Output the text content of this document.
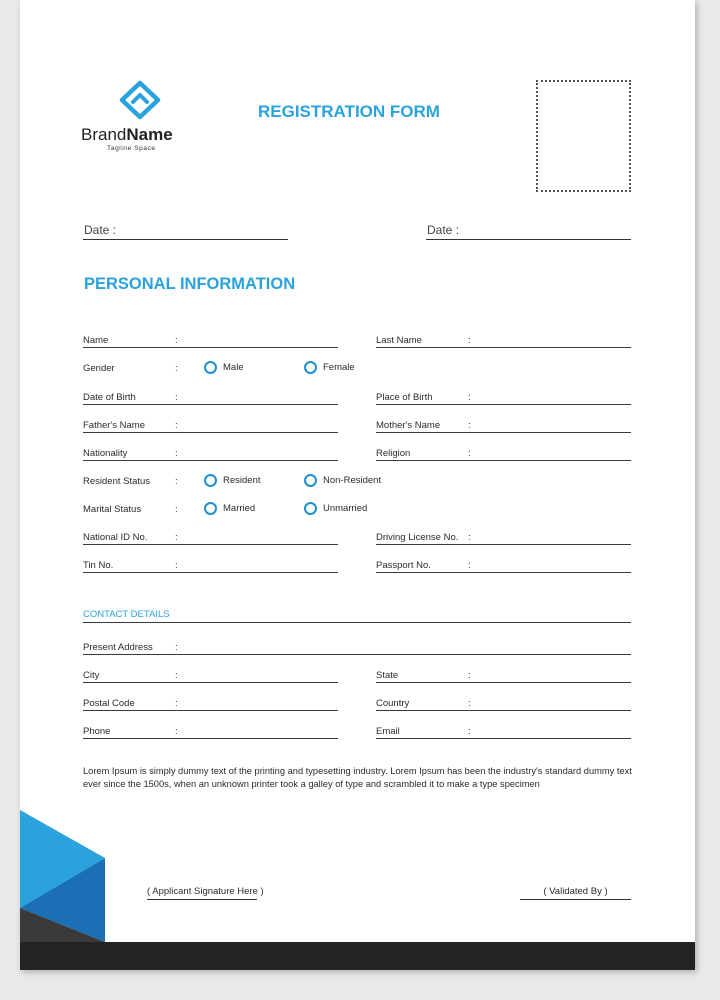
BrandName
Tagline Space
REGISTRATION FORM
Date :	Date :
PERSONAL INFORMATION
Name	:	Last Name	:
Gender	:	Male	Female
Date of Birth	:	Place of Birth	:
Father's Name	:	Mother's Name	:
Nationality	:	Religion	:
Resident Status	:	Resident	Non-Resident
Marital Status	:	Married	Unmarried
National ID No.	:	Driving License No. :
Tin No.	:	Passport No.	:
CONTACT DETAILS
Present Address :
City	:	State	:
Postal Code	:	Country	:
Phone	:	Email	:
Lorem Ipsum is simply dummy text of the printing and typesetting industry. Lorem Ipsum has been the industry's standard dummy text ever since the 1500s, when an unknown printer took a galley of type and scrambled it to make a type specimen
( Applicant Signature Here )	( Validated By )
